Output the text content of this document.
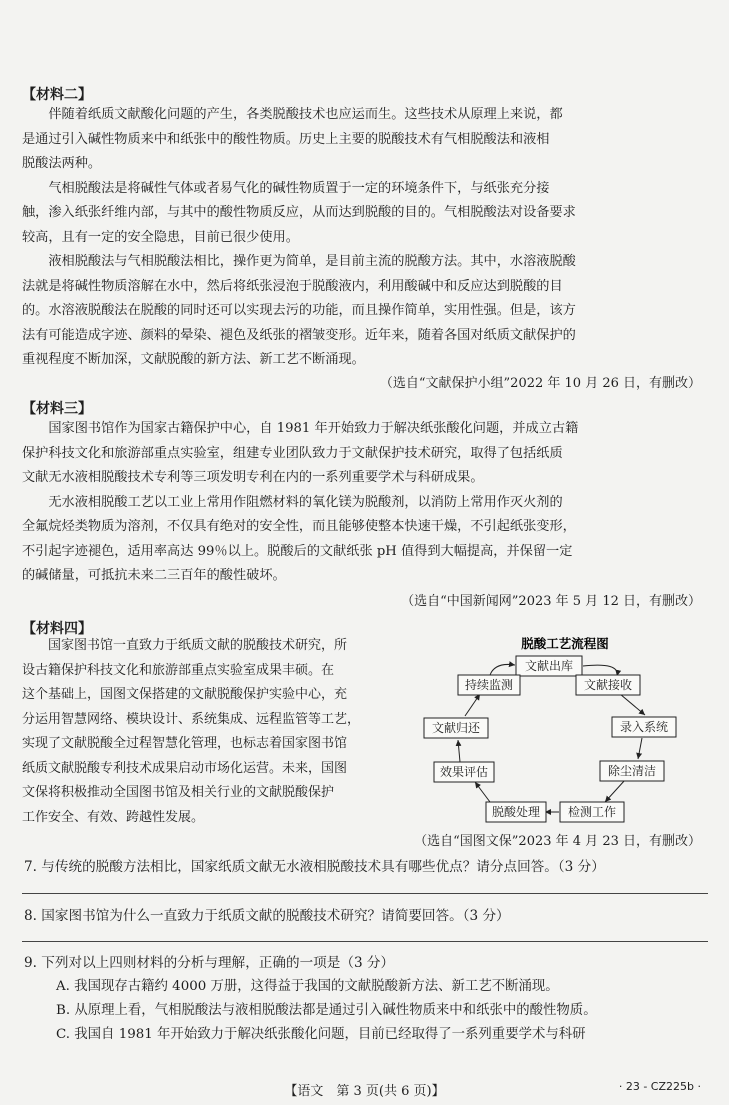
【材料二】
　　伴随着纸质文献酸化问题的产生，各类脱酸技术也应运而生。这些技术从原理上来说，都
是通过引入碱性物质来中和纸张中的酸性物质。历史上主要的脱酸技术有气相脱酸法和液相
脱酸法两种。
　　气相脱酸法是将碱性气体或者易气化的碱性物质置于一定的环境条件下，与纸张充分接
触，渗入纸张纤维内部，与其中的酸性物质反应，从而达到脱酸的目的。气相脱酸法对设备要求
较高，且有一定的安全隐患，目前已很少使用。
　　液相脱酸法与气相脱酸法相比，操作更为简单，是目前主流的脱酸方法。其中，水溶液脱酸
法就是将碱性物质溶解在水中，然后将纸张浸泡于脱酸液内，利用酸碱中和反应达到脱酸的目
的。水溶液脱酸法在脱酸的同时还可以实现去污的功能，而且操作简单，实用性强。但是，该方
法有可能造成字迹、颜料的晕染、褪色及纸张的褶皱变形。近年来，随着各国对纸质文献保护的
重视程度不断加深，文献脱酸的新方法、新工艺不断涌现。
（选自“文献保护小组”2022 年 10 月 26 日，有删改）
【材料三】
　　国家图书馆作为国家古籍保护中心，自 1981 年开始致力于解决纸张酸化问题，并成立古籍
保护科技文化和旅游部重点实验室，组建专业团队致力于文献保护技术研究，取得了包括纸质
文献无水液相脱酸技术专利等三项发明专利在内的一系列重要学术与科研成果。
　　无水液相脱酸工艺以工业上常用作阻燃材料的氧化镁为脱酸剂，以消防上常用作灭火剂的
全氟烷烃类物质为溶剂，不仅具有绝对的安全性，而且能够使整本快速干燥，不引起纸张变形，
不引起字迹褪色，适用率高达 99％以上。脱酸后的文献纸张 pH 值得到大幅提高，并保留一定
的碱储量，可抵抗未来二三百年的酸性破坏。
（选自“中国新闻网”2023 年 5 月 12 日，有删改）
【材料四】
　　国家图书馆一直致力于纸质文献的脱酸技术研究，所
设古籍保护科技文化和旅游部重点实验室成果丰硕。在
这个基础上，国图文保搭建的文献脱酸保护实验中心，充
分运用智慧网络、模块设计、系统集成、远程监管等工艺，
实现了文献脱酸全过程智慧化管理，也标志着国家图书馆
纸质文献脱酸专利技术成果启动市场化运营。未来，国图
文保将积极推动全国图书馆及相关行业的文献脱酸保护
工作安全、有效、跨越性发展。
脱酸工艺流程图
文献出库
文献接收
录入系统
除尘清洁
检测工作
脱酸处理
效果评估
文献归还
持续监测
（选自“国图文保”2023 年 4 月 23 日，有删改）
7. 与传统的脱酸方法相比，国家纸质文献无水液相脱酸技术具有哪些优点？请分点回答。（3 分）
8. 国家图书馆为什么一直致力于纸质文献的脱酸技术研究？请简要回答。（3 分）
9. 下列对以上四则材料的分析与理解，正确的一项是（3 分）
A. 我国现存古籍约 4000 万册，这得益于我国的文献脱酸新方法、新工艺不断涌现。
B. 从原理上看，气相脱酸法与液相脱酸法都是通过引入碱性物质来中和纸张中的酸性物质。
C. 我国自 1981 年开始致力于解决纸张酸化问题，目前已经取得了一系列重要学术与科研
【语文　第 3 页(共 6 页)】	· 23 - CZ225b ·
